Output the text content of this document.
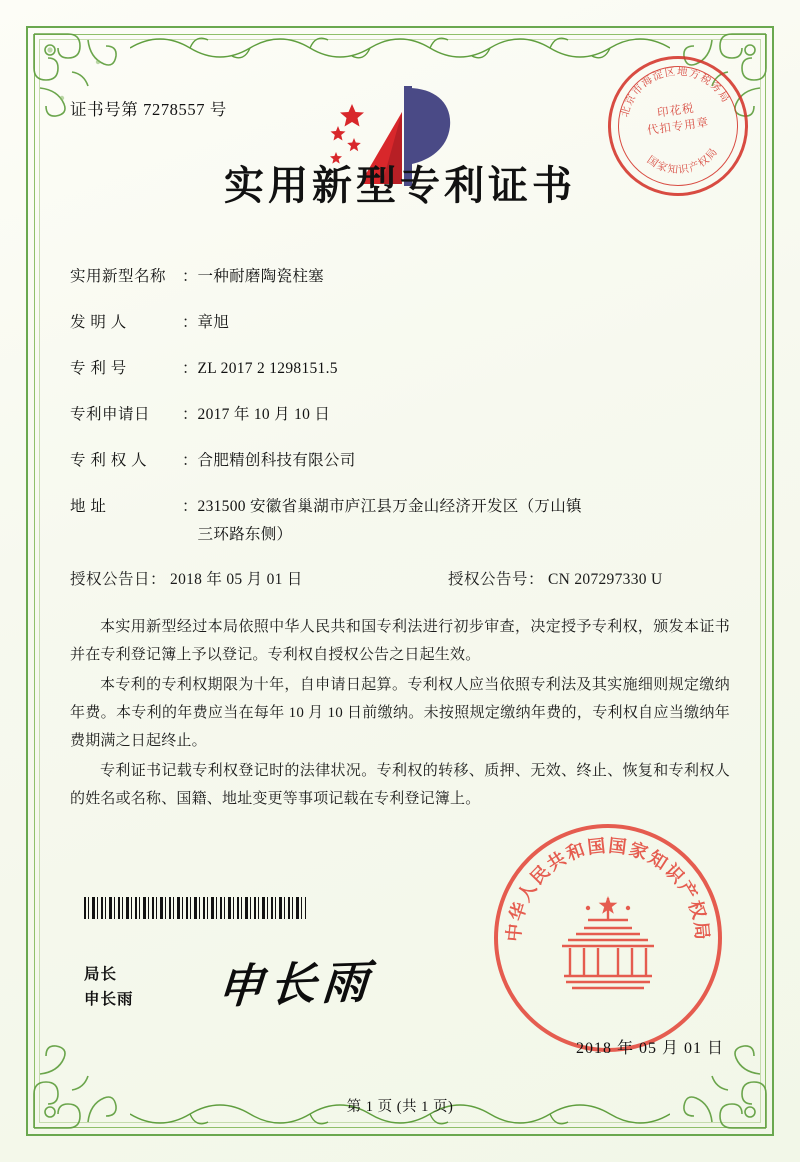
北京市海淀区地方税务局
国家知识产权局
印花税
代扣专用章
证书号第 7278557 号
实用新型专利证书
实用新型名称	： 一种耐磨陶瓷柱塞
发 明 人	： 章旭
专 利 号	： ZL 2017 2 1298151.5
专利申请日	： 2017 年 10 月 10 日
专 利 权 人	： 合肥精创科技有限公司
地 址	： 231500 安徽省巢湖市庐江县万金山经济开发区（万山镇
三环路东侧）
授权公告日 ： 2018 年 05 月 01 日	授权公告号 ： CN 207297330 U

本实用新型经过本局依照中华人民共和国专利法进行初步审查，决定授予专利权，颁发本证书并在专利登记簿上予以登记。专利权自授权公告之日起生效。

本专利的专利权期限为十年，自申请日起算。专利权人应当依照专利法及其实施细则规定缴纳年费。本专利的年费应当在每年 10 月 10 日前缴纳。未按照规定缴纳年费的，专利权自应当缴纳年费期满之日起终止。

专利证书记载专利权登记时的法律状况。专利权的转移、质押、无效、终止、恢复和专利权人的姓名或名称、国籍、地址变更等事项记载在专利登记簿上。

局长
申长雨 申长雨
中华人民共和国国家知识产权局
2018 年 05 月 01 日
第 1 页 (共 1 页)
